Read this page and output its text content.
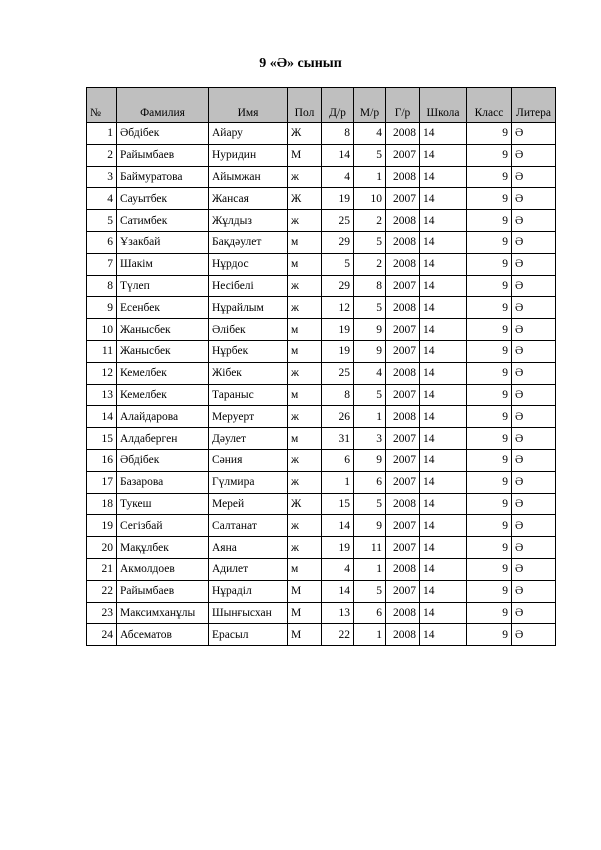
9 «Ә» сынып
№	Фамилия	Имя	Пол	Д/р	М/р	Г/р	Школа	Класс	Литера
1	Әбдібек	Айару	Ж	8	4	2008	14	9	Ә
2	Райымбаев	Нуридин	М	14	5	2007	14	9	Ә
3	Баймуратова	Айымжан	ж	4	1	2008	14	9	Ә
4	Сауытбек	Жансая	Ж	19	10	2007	14	9	Ә
5	Сатимбек	Жұлдыз	ж	25	2	2008	14	9	Ә
6	Ұзакбай	Бақдәулет	м	29	5	2008	14	9	Ә
7	Шакім	Нұрдос	м	5	2	2008	14	9	Ә
8	Түлеп	Несібелі	ж	29	8	2007	14	9	Ә
9	Есенбек	Нұрайлым	ж	12	5	2008	14	9	Ә
10	Жанысбек	Әлібек	м	19	9	2007	14	9	Ә
11	Жанысбек	Нұрбек	м	19	9	2007	14	9	Ә
12	Кемелбек	Жібек	ж	25	4	2008	14	9	Ә
13	Кемелбек	Тараныс	м	8	5	2007	14	9	Ә
14	Алайдарова	Меруерт	ж	26	1	2008	14	9	Ә
15	Алдаберген	Дәулет	м	31	3	2007	14	9	Ә
16	Әбдібек	Сәния	ж	6	9	2007	14	9	Ә
17	Базарова	Гүлмира	ж	1	6	2007	14	9	Ә
18	Тукеш	Мерей	Ж	15	5	2008	14	9	Ә
19	Сегізбай	Салтанат	ж	14	9	2007	14	9	Ә
20	Мақұлбек	Аяна	ж	19	11	2007	14	9	Ә
21	Акмолдоев	Адилет	м	4	1	2008	14	9	Ә
22	Райымбаев	Нұраділ	М	14	5	2007	14	9	Ә
23	Максимханұлы	Шынғысхан	М	13	6	2008	14	9	Ә
24	Абсематов	Ерасыл	М	22	1	2008	14	9	Ә
